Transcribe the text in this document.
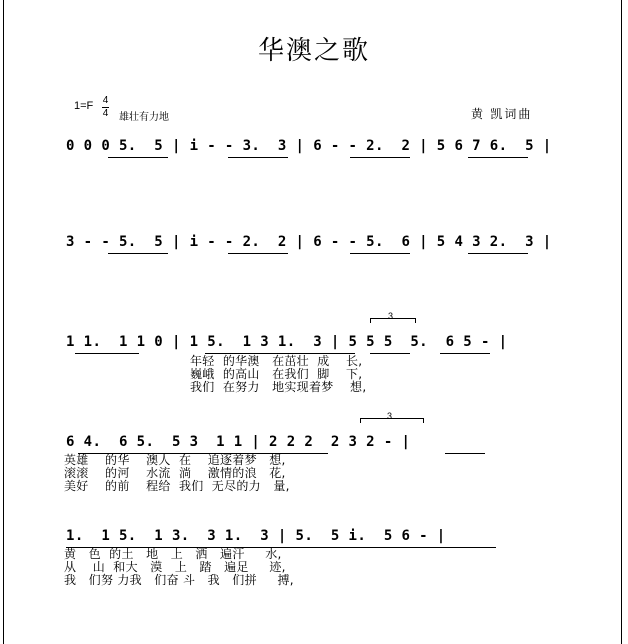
华澳之歌
1=F 4
4 雄壮有力地	黄 凯词曲
0 0 0 5.  5 | i - - 3.  3 | 6 - - 2.  2 | 5 6 7 6.  5 |
3 - - 5.  5 | i - - 2.  2 | 6 - - 5.  6 | 5 4 3 2.  3 |
1 1.  1 1 0 | 1 5.  1 3 1.  3 | 5 5 5  5.  6 5 - |
3
年轻  的华澳   在茁壮  成    长,
巍峨  的高山   在我们  脚    下,
我们  在努力   地实现着梦    想,
6 4.  6 5.  5 3  1 1 | 2 2 2  2 3 2 - |
3
英雄    的华    澳人  在    追逐着梦   想,
滚滚    的河    水流  淌    激情的浪   花,
美好    的前    程给  我们  无尽的力   量,
1.  1 5.  1 3.  3 1.  3 | 5.  5 i.  5 6 - |
黄   色  的土   地   上   洒   遍汗     水,
从    山  和大   漠   上   踏   遍足     迹,
我   们努 力我   们奋 斗   我   们拼     搏,
